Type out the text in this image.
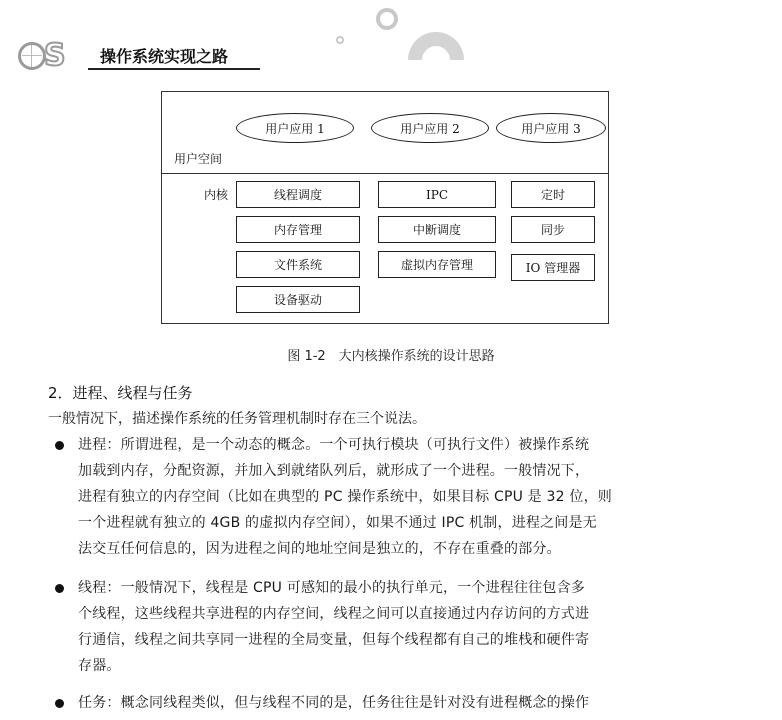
S 操作系统实现之路
用户应用 1	用户应用 2	用户应用 3
用户空间
内核	线程调度	IPC	定时
内存管理	中断调度	同步
文件系统	虚拟内存管理	IO 管理器
设备驱动
图 1-2　大内核操作系统的设计思路
2．进程、线程与任务
一般情况下，描述操作系统的任务管理机制时存在三个说法。
进程：所谓进程，是一个动态的概念。一个可执行模块（可执行文件）被操作系统
加载到内存，分配资源，并加入到就绪队列后，就形成了一个进程。一般情况下，
进程有独立的内存空间（比如在典型的 PC 操作系统中，如果目标 CPU 是 32 位，则
一个进程就有独立的 4GB 的虚拟内存空间），如果不通过 IPC 机制，进程之间是无
法交互任何信息的，因为进程之间的地址空间是独立的，不存在重叠的部分。
线程：一般情况下，线程是 CPU 可感知的最小的执行单元，一个进程往往包含多
个线程，这些线程共享进程的内存空间，线程之间可以直接通过内存访问的方式进
行通信，线程之间共享同一进程的全局变量，但每个线程都有自己的堆栈和硬件寄
存器。
任务：概念同线程类似，但与线程不同的是，任务往往是针对没有进程概念的操作
